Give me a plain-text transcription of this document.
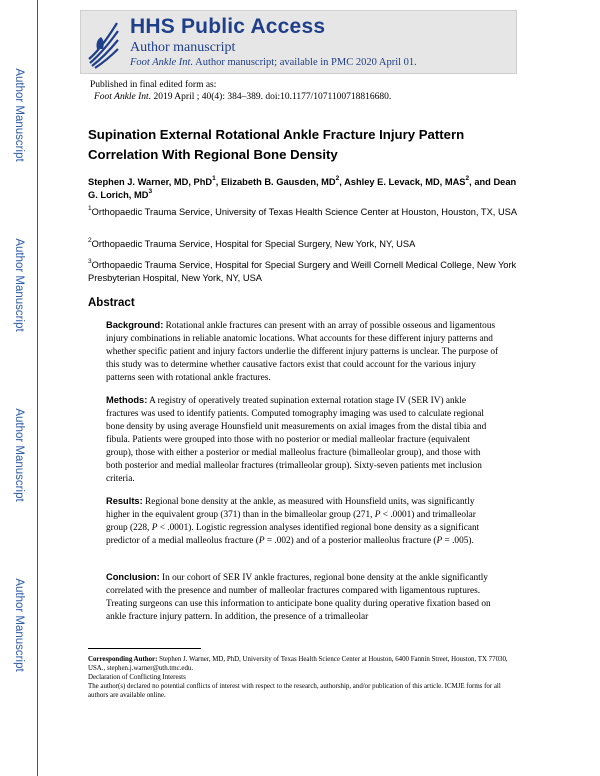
Author Manuscript
Author Manuscript
Author Manuscript
Author Manuscript
HHS Public Access
Author manuscript
Foot Ankle Int. Author manuscript; available in PMC 2020 April 01.
Published in final edited form as:
Foot Ankle Int. 2019 April ; 40(4): 384–389. doi:10.1177/1071100718816680.
Supination External Rotational Ankle Fracture Injury Pattern Correlation With Regional Bone Density
Stephen J. Warner, MD, PhD$^1$, Elizabeth B. Gausden, $MD^2$, Ashley E. Levack, MD, MAS$^2$, and Dean G. Lorich, $MD^3$
$^1$Orthopaedic Trauma Service, University of Texas Health Science Center at Houston, Houston, TX, USA
$^2$Orthopaedic Trauma Service, Hospital for Special Surgery, New York, NY, USA
$^3$Orthopaedic Trauma Service, Hospital for Special Surgery and Weill Cornell Medical College, New York Presbyterian Hospital, New York, NY, USA
Abstract
Background: Rotational ankle fractures can present with an array of possible osseous and ligamentous injury combinations in reliable anatomic locations. What accounts for these different injury patterns and whether specific patient and injury factors underlie the different injury patterns is unclear. The purpose of this study was to determine whether causative factors exist that could account for the various injury patterns seen with rotational ankle fractures.
Methods: A registry of operatively treated supination external rotation stage IV (SER IV) ankle fractures was used to identify patients. Computed tomography imaging was used to calculate regional bone density by using average Hounsfield unit measurements on axial images from the distal tibia and fibula. Patients were grouped into those with no posterior or medial malleolar fracture (equivalent group), those with either a posterior or medial malleolus fracture (bimalleolar group), and those with both posterior and medial malleolar fractures (trimalleolar group). Sixty-seven patients met inclusion criteria.
Results: Regional bone density at the ankle, as measured with Hounsfield units, was significantly higher in the equivalent group (371) than in the bimalleolar group (271, P < .0001) and trimalleolar group (228, P < .0001). Logistic regression analyses identified regional bone density as a significant predictor of a medial malleolus fracture (P = .002) and of a posterior malleolus fracture (P = .005).
Conclusion: In our cohort of SER IV ankle fractures, regional bone density at the ankle significantly correlated with the presence and number of malleolar fractures compared with ligamentous ruptures. Treating surgeons can use this information to anticipate bone quality during operative fixation based on ankle fracture injury pattern. In addition, the presence of a trimalleolar
Corresponding Author: Stephen J. Warner, MD, PhD, University of Texas Health Science Center at Houston, 6400 Fannin Street, Houston, TX 77030, USA., stephen.j.warner@uth.tmc.edu.
Declaration of Conflicting Interests
The author(s) declared no potential conflicts of interest with respect to the research, authorship, and/or publication of this article. ICMJE forms for all authors are available online.
